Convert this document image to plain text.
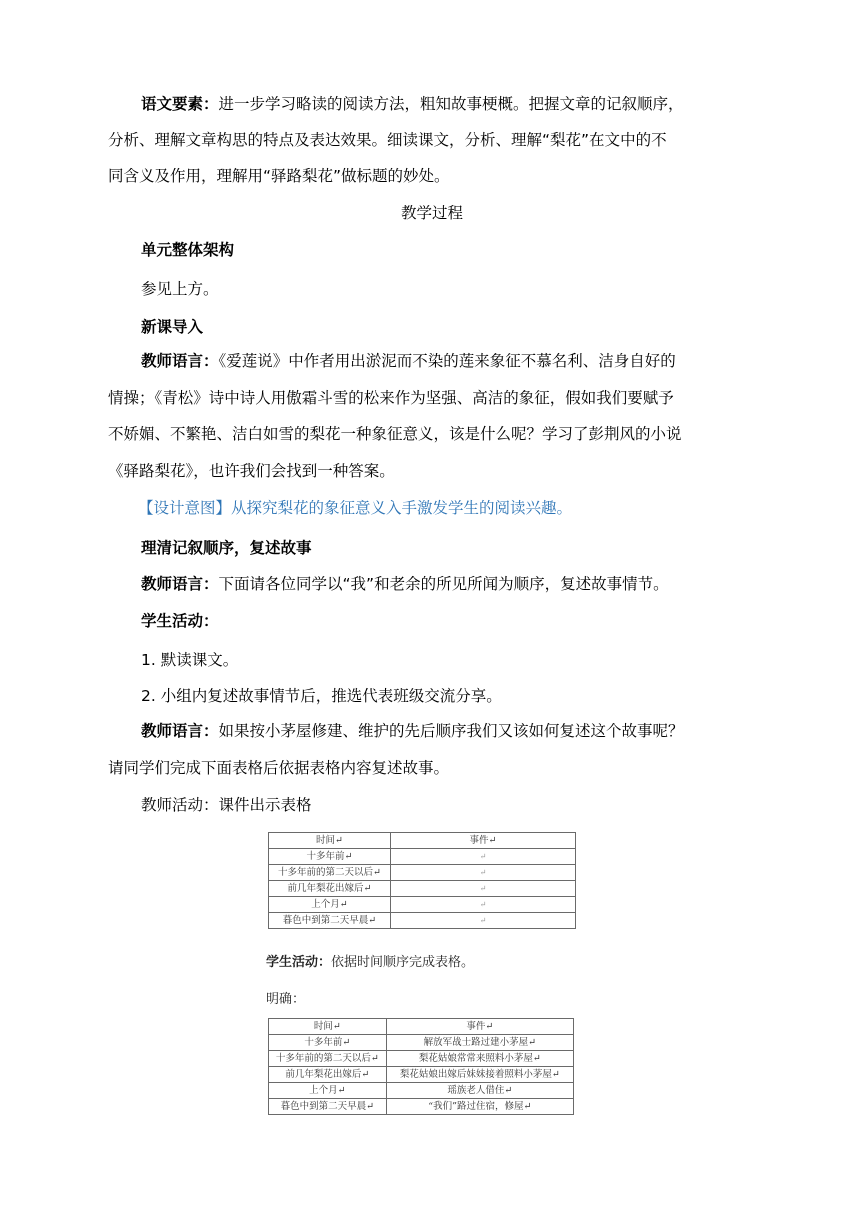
语文要素：进一步学习略读的阅读方法，粗知故事梗概。把握文章的记叙顺序，
分析、理解文章构思的特点及表达效果。细读课文，分析、理解“梨花”在文中的不
同含义及作用，理解用“驿路梨花”做标题的妙处。
教学过程
单元整体架构
参见上方。
新课导入
教师语言：《爱莲说》中作者用出淤泥而不染的莲来象征不慕名利、洁身自好的
情操；《青松》诗中诗人用傲霜斗雪的松来作为坚强、高洁的象征，假如我们要赋予
不娇媚、不繁艳、洁白如雪的梨花一种象征意义，该是什么呢？学习了彭荆风的小说
《驿路梨花》，也许我们会找到一种答案。
【设计意图】从探究梨花的象征意义入手激发学生的阅读兴趣。
理清记叙顺序，复述故事
教师语言：下面请各位同学以“我”和老余的所见所闻为顺序，复述故事情节。
学生活动：
1. 默读课文。
2. 小组内复述故事情节后，推选代表班级交流分享。
教师语言：如果按小茅屋修建、维护的先后顺序我们又该如何复述这个故事呢？
请同学们完成下面表格后依据表格内容复述故事。
教师活动：课件出示表格
时间↵	事件↵
十多年前↵	↵
十多年前的第二天以后↵	↵
前几年梨花出嫁后↵	↵
上个月↵	↵
暮色中到第二天早晨↵	↵
学生活动：依据时间顺序完成表格。
明确：
时间↵	事件↵
十多年前↵	解放军战士路过建小茅屋↵
十多年前的第二天以后↵	梨花姑娘常常来照料小茅屋↵
前几年梨花出嫁后↵	梨花姑娘出嫁后妹妹接着照料小茅屋↵
上个月↵	瑶族老人借住↵
暮色中到第二天早晨↵	“我们”路过住宿，修屋↵
